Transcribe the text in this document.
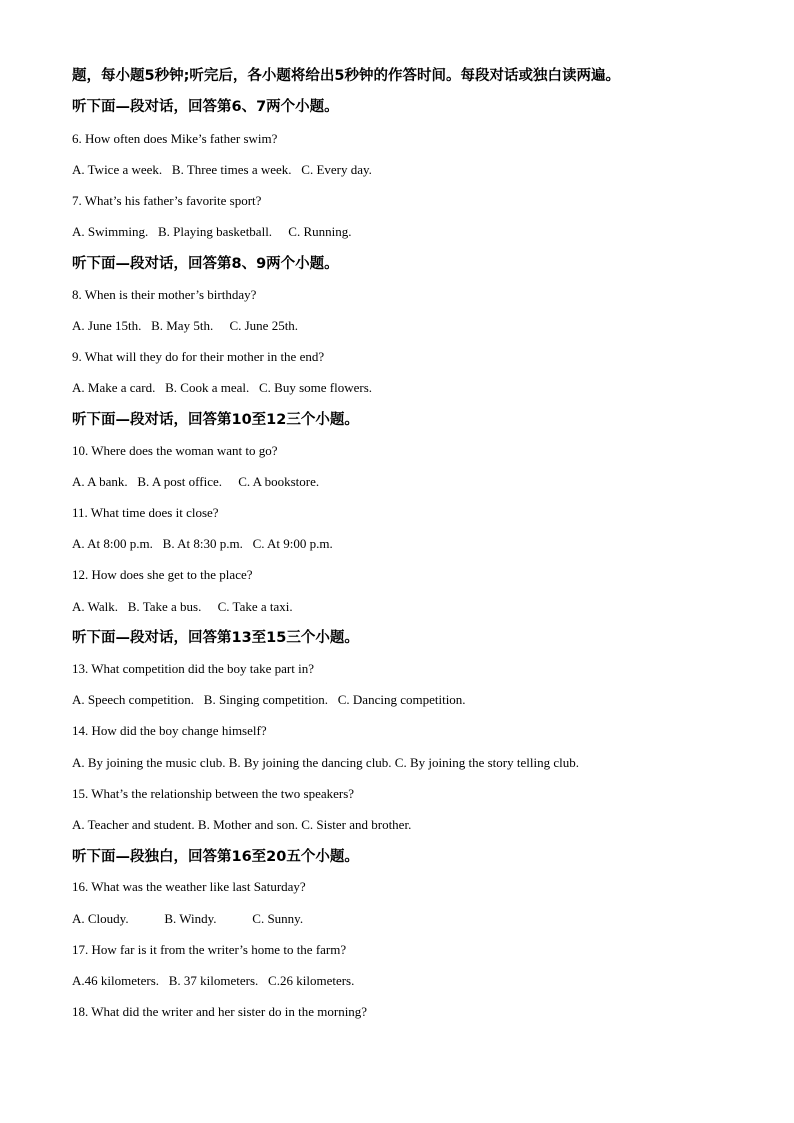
题，每小题5秒钟;听完后，各小题将给出5秒钟的作答时间。每段对话或独白读两遍。
听下面—段对话，回答第6、7两个小题。
6. How often does Mike’s father swim?
A. Twice a week.   B. Three times a week.   C. Every day.
7. What’s his father’s favorite sport?
A. Swimming.   B. Playing basketball.     C. Running.
听下面—段对话，回答第8、9两个小题。
8. When is their mother’s birthday?
A. June 15th.   B. May 5th.     C. June 25th.
9. What will they do for their mother in the end?
A. Make a card.   B. Cook a meal.   C. Buy some flowers.
听下面—段对话，回答第10至12三个小题。
10. Where does the woman want to go?
A. A bank.   B. A post office.     C. A bookstore.
11. What time does it close?
A. At 8:00 p.m.   B. At 8:30 p.m.   C. At 9:00 p.m.
12. How does she get to the place?
A. Walk.   B. Take a bus.     C. Take a taxi.
听下面—段对话，回答第13至15三个小题。
13. What competition did the boy take part in?
A. Speech competition.   B. Singing competition.   C. Dancing competition.
14. How did the boy change himself?
A. By joining the music club. B. By joining the dancing club. C. By joining the story telling club.
15. What’s the relationship between the two speakers?
A. Teacher and student. B. Mother and son. C. Sister and brother.
听下面—段独白，回答第16至20五个小题。
16. What was the weather like last Saturday?
A. Cloudy.           B. Windy.           C. Sunny.
17. How far is it from the writer’s home to the farm?
A.46 kilometers.   B. 37 kilometers.   C.26 kilometers.
18. What did the writer and her sister do in the morning?
